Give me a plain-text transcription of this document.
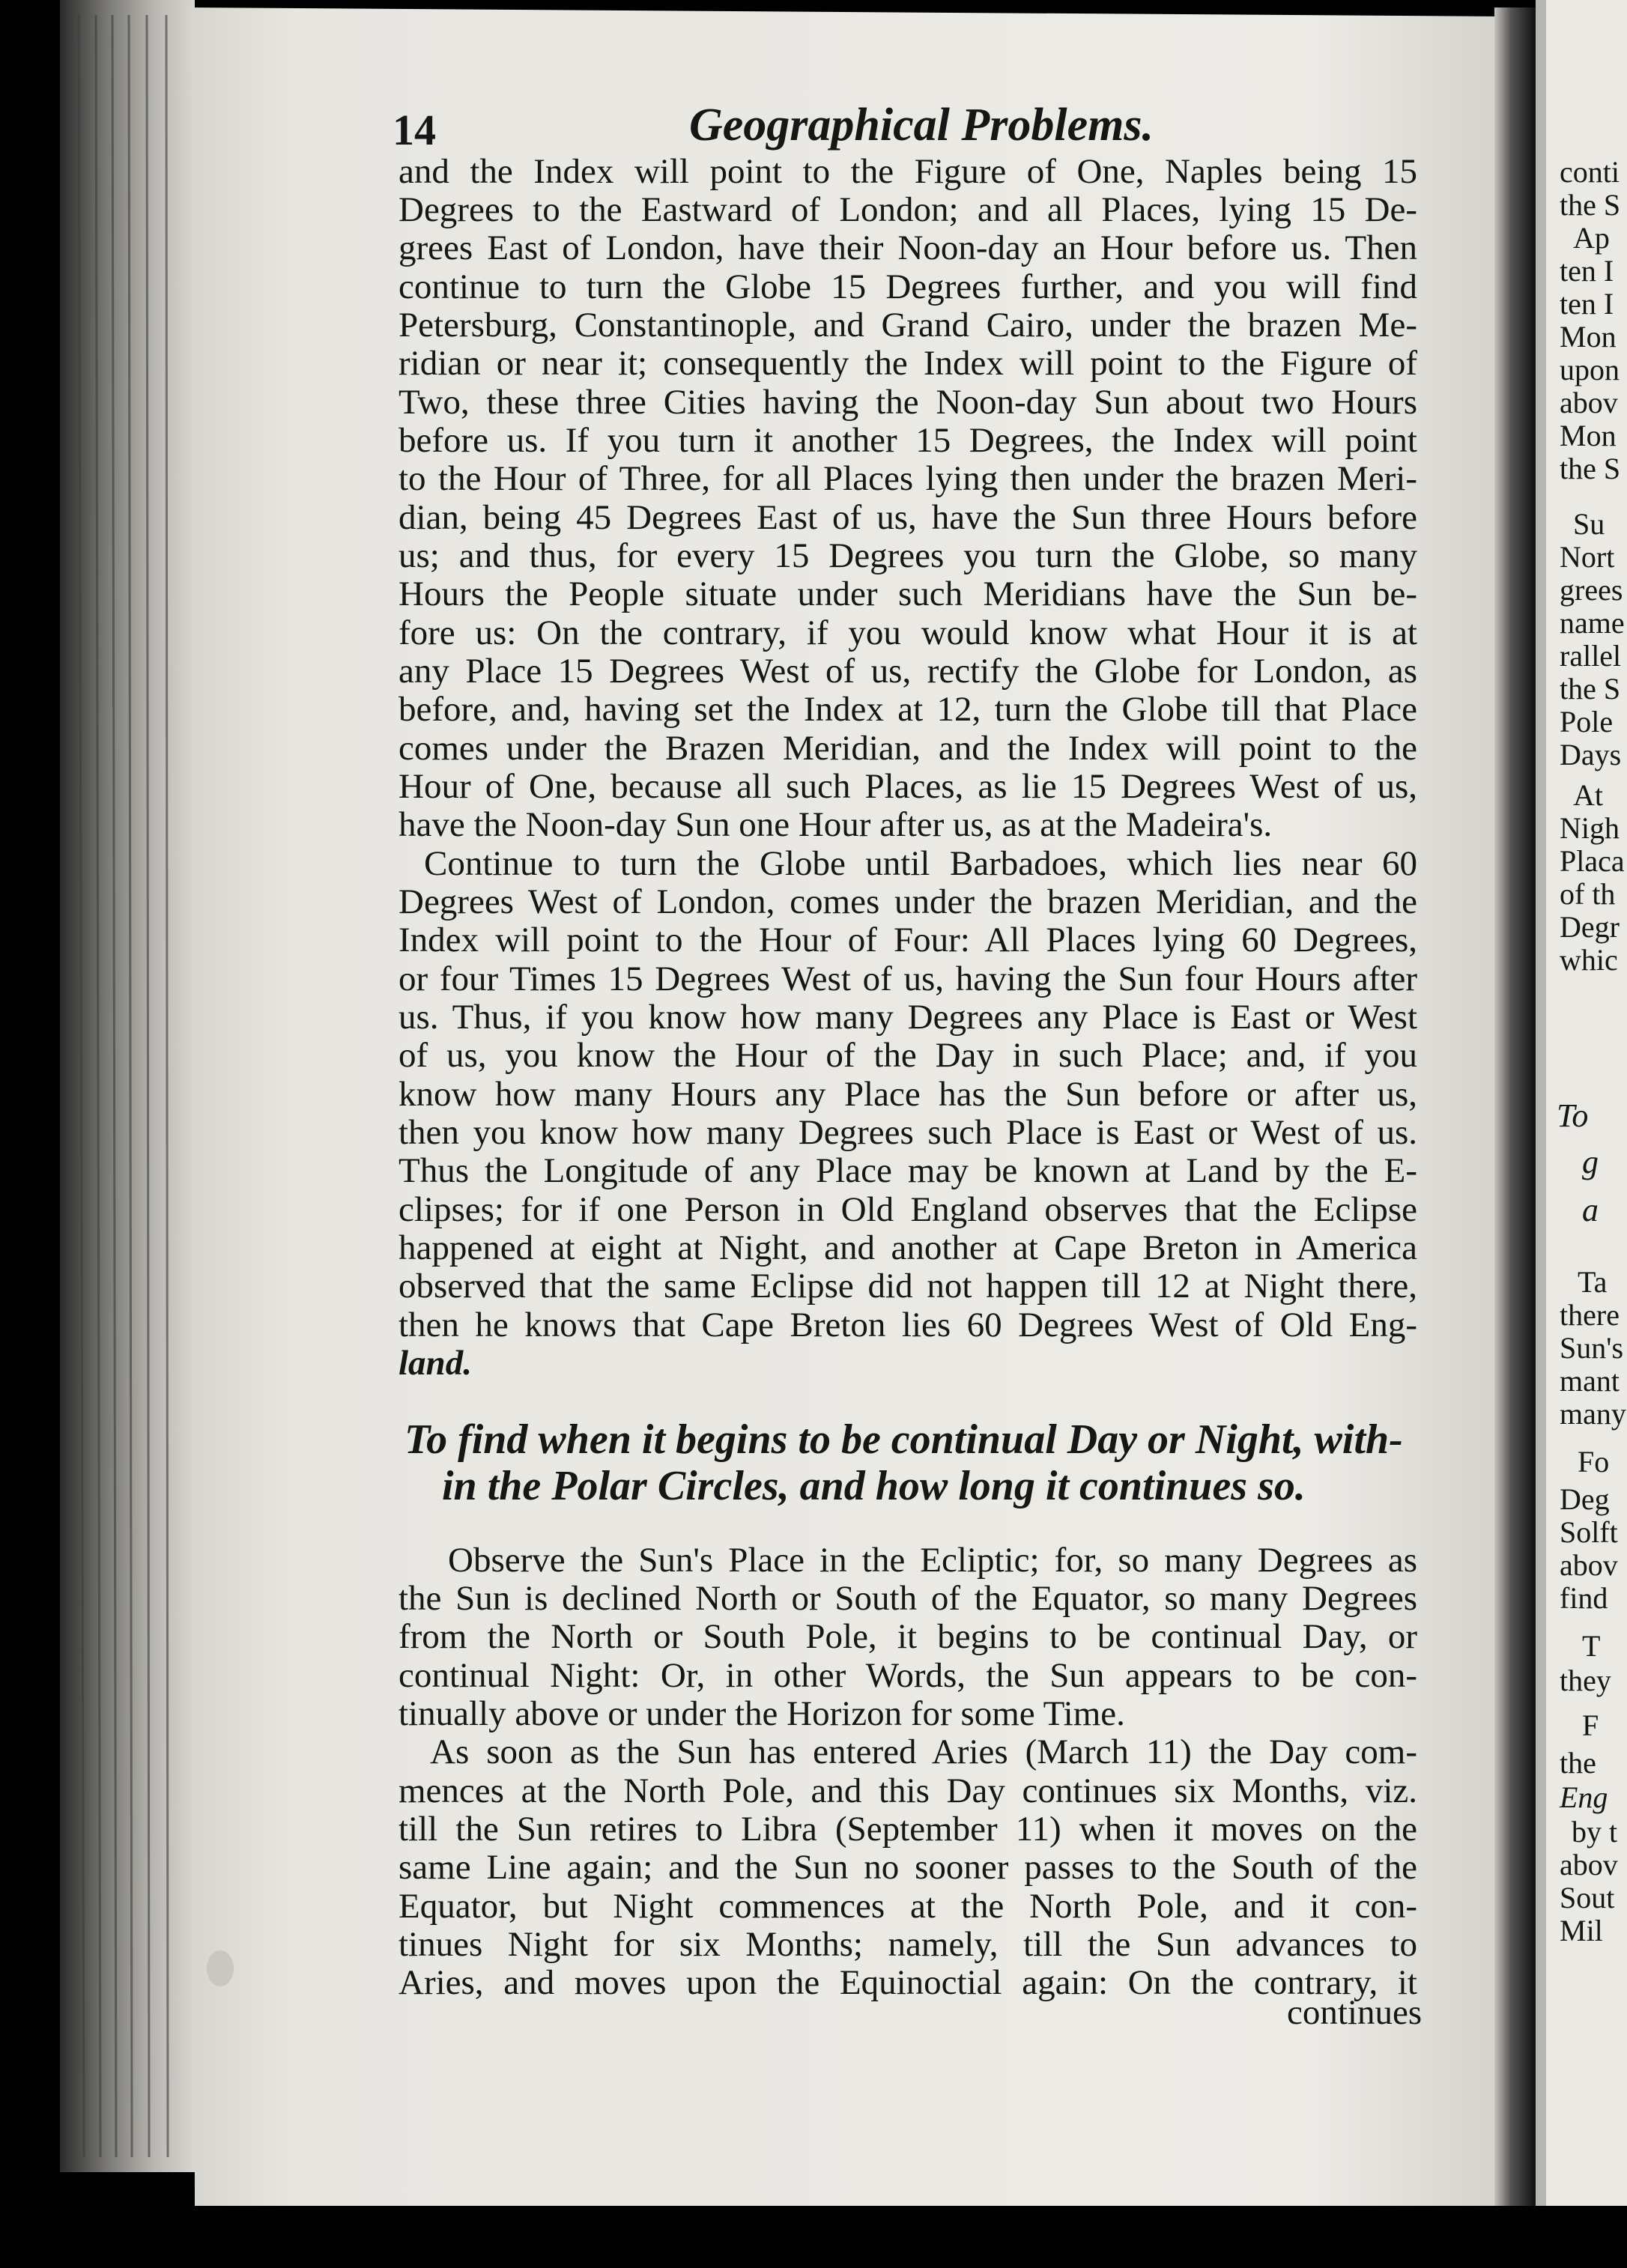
14	Geographical Problems.
and the Index will point to the Figure of One, Naples being 15
Degrees to the Eastward of London; and all Places, lying 15 De-
grees East of London, have their Noon-day an Hour before us. Then
continue to turn the Globe 15 Degrees further, and you will find
Petersburg, Constantinople, and Grand Cairo, under the brazen Me-
ridian or near it; consequently the Index will point to the Figure of
Two, these three Cities having the Noon-day Sun about two Hours
before us. If you turn it another 15 Degrees, the Index will point
to the Hour of Three, for all Places lying then under the brazen Meri-
dian, being 45 Degrees East of us, have the Sun three Hours before
us; and thus, for every 15 Degrees you turn the Globe, so many
Hours the People situate under such Meridians have the Sun be-
fore us: On the contrary, if you would know what Hour it is at
any Place 15 Degrees West of us, rectify the Globe for London, as
before, and, having set the Index at 12, turn the Globe till that Place
comes under the Brazen Meridian, and the Index will point to the
Hour of One, because all such Places, as lie 15 Degrees West of us,
have the Noon-day Sun one Hour after us, as at the Madeira's.
Continue to turn the Globe until Barbadoes, which lies near 60
Degrees West of London, comes under the brazen Meridian, and the
Index will point to the Hour of Four: All Places lying 60 Degrees,
or four Times 15 Degrees West of us, having the Sun four Hours after
us. Thus, if you know how many Degrees any Place is East or West
of us, you know the Hour of the Day in such Place; and, if you
know how many Hours any Place has the Sun before or after us,
then you know how many Degrees such Place is East or West of us.
Thus the Longitude of any Place may be known at Land by the E-
clipses; for if one Person in Old England observes that the Eclipse
happened at eight at Night, and another at Cape Breton in America
observed that the same Eclipse did not happen till 12 at Night there,
then he knows that Cape Breton lies 60 Degrees West of Old Eng-
land.
To find when it begins to be continual Day or Night, with-
in the Polar Circles, and how long it continues so.
Observe the Sun's Place in the Ecliptic; for, so many Degrees as
the Sun is declined North or South of the Equator, so many Degrees
from the North or South Pole, it begins to be continual Day, or
continual Night: Or, in other Words, the Sun appears to be con-
tinually above or under the Horizon for some Time.
As soon as the Sun has entered Aries (March 11) the Day com-
mences at the North Pole, and this Day continues six Months, viz.
till the Sun retires to Libra (September 11) when it moves on the
same Line again; and the Sun no sooner passes to the South of the
Equator, but Night commences at the North Pole, and it con-
tinues Night for six Months; namely, till the Sun advances to
Aries, and moves upon the Equinoctial again: On the contrary, it
continues
conti
the S
Ap
ten I
ten I
Mon
upon
abov
Mon
the S
Su
Nort
grees
name
rallel
the S
Pole
Days
At
Nigh
Placa
of th
Degr
whic
To
g
a
Ta
there
Sun's
mant
many
Fo
Deg
Solft
abov
find
T
they
F
the
Eng
by t
abov
Sout
Mil
